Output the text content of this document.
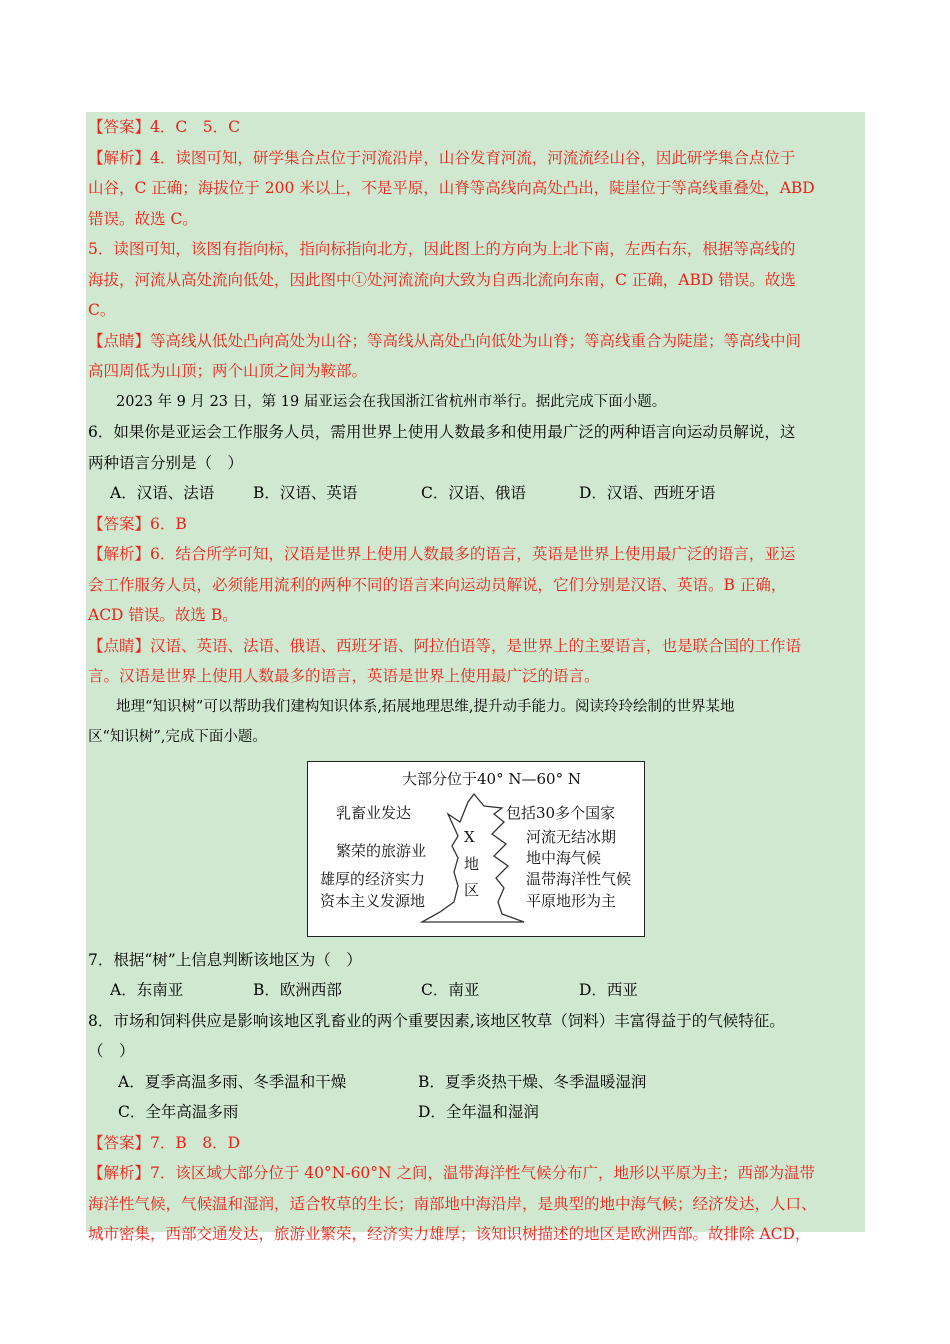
【答案】4．C　5．C

【解析】4．读图可知，研学集合点位于河流沿岸，山谷发育河流，河流流经山谷，因此研学集合点位于

山谷，C 正确；海拔位于 200 米以上，不是平原，山脊等高线向高处凸出，陡崖位于等高线重叠处，ABD

错误。故选 C。

5．读图可知，该图有指向标，指向标指向北方，因此图上的方向为上北下南，左西右东，根据等高线的

海拔，河流从高处流向低处，因此图中①处河流流向大致为自西北流向东南，C 正确，ABD 错误。故选

C。

【点睛】等高线从低处凸向高处为山谷；等高线从高处凸向低处为山脊；等高线重合为陡崖；等高线中间

高四周低为山顶；两个山顶之间为鞍部。

2023 年 9 月 23 日，第 19 届亚运会在我国浙江省杭州市举行。据此完成下面小题。

6．如果你是亚运会工作服务人员，需用世界上使用人数最多和使用最广泛的两种语言向运动员解说，这

两种语言分别是（　）

A．汉语、法语	B．汉语、英语	C．汉语、俄语	D．汉语、西班牙语

【答案】6．B

【解析】6．结合所学可知，汉语是世界上使用人数最多的语言，英语是世界上使用最广泛的语言，亚运

会工作服务人员，必须能用流利的两种不同的语言来向运动员解说，它们分别是汉语、英语。B 正确，

ACD 错误。故选 B。

【点睛】汉语、英语、法语、俄语、西班牙语、阿拉伯语等，是世界上的主要语言，也是联合国的工作语

言。汉语是世界上使用人数最多的语言，英语是世界上使用最广泛的语言。

地理“知识树”可以帮助我们建构知识体系,拓展地理思维,提升动手能力。阅读玲玲绘制的世界某地

区“知识树”,完成下面小题。

大部分位于40° N—60° N
乳畜业发达
繁荣的旅游业
雄厚的经济实力
资本主义发源地
包括30多个国家
河流无结冰期
地中海气候
温带海洋性气候
平原地形为主
X
地
区

7．根据“树”上信息判断该地区为（　）

A．东南亚	B．欧洲西部	C．南亚	D．西亚

8．市场和饲料供应是影响该地区乳畜业的两个重要因素,该地区牧草（饲料）丰富得益于的气候特征。

（　）

A．夏季高温多雨、冬季温和干燥	B．夏季炎热干燥、冬季温暖湿润
C．全年高温多雨	D．全年温和湿润

【答案】7．B　8．D

【解析】7．该区域大部分位于 40°N-60°N 之间，温带海洋性气候分布广，地形以平原为主；西部为温带

海洋性气候，气候温和湿润，适合牧草的生长；南部地中海沿岸，是典型的地中海气候；经济发达，人口、

城市密集，西部交通发达，旅游业繁荣，经济实力雄厚；该知识树描述的地区是欧洲西部。故排除 ACD，
